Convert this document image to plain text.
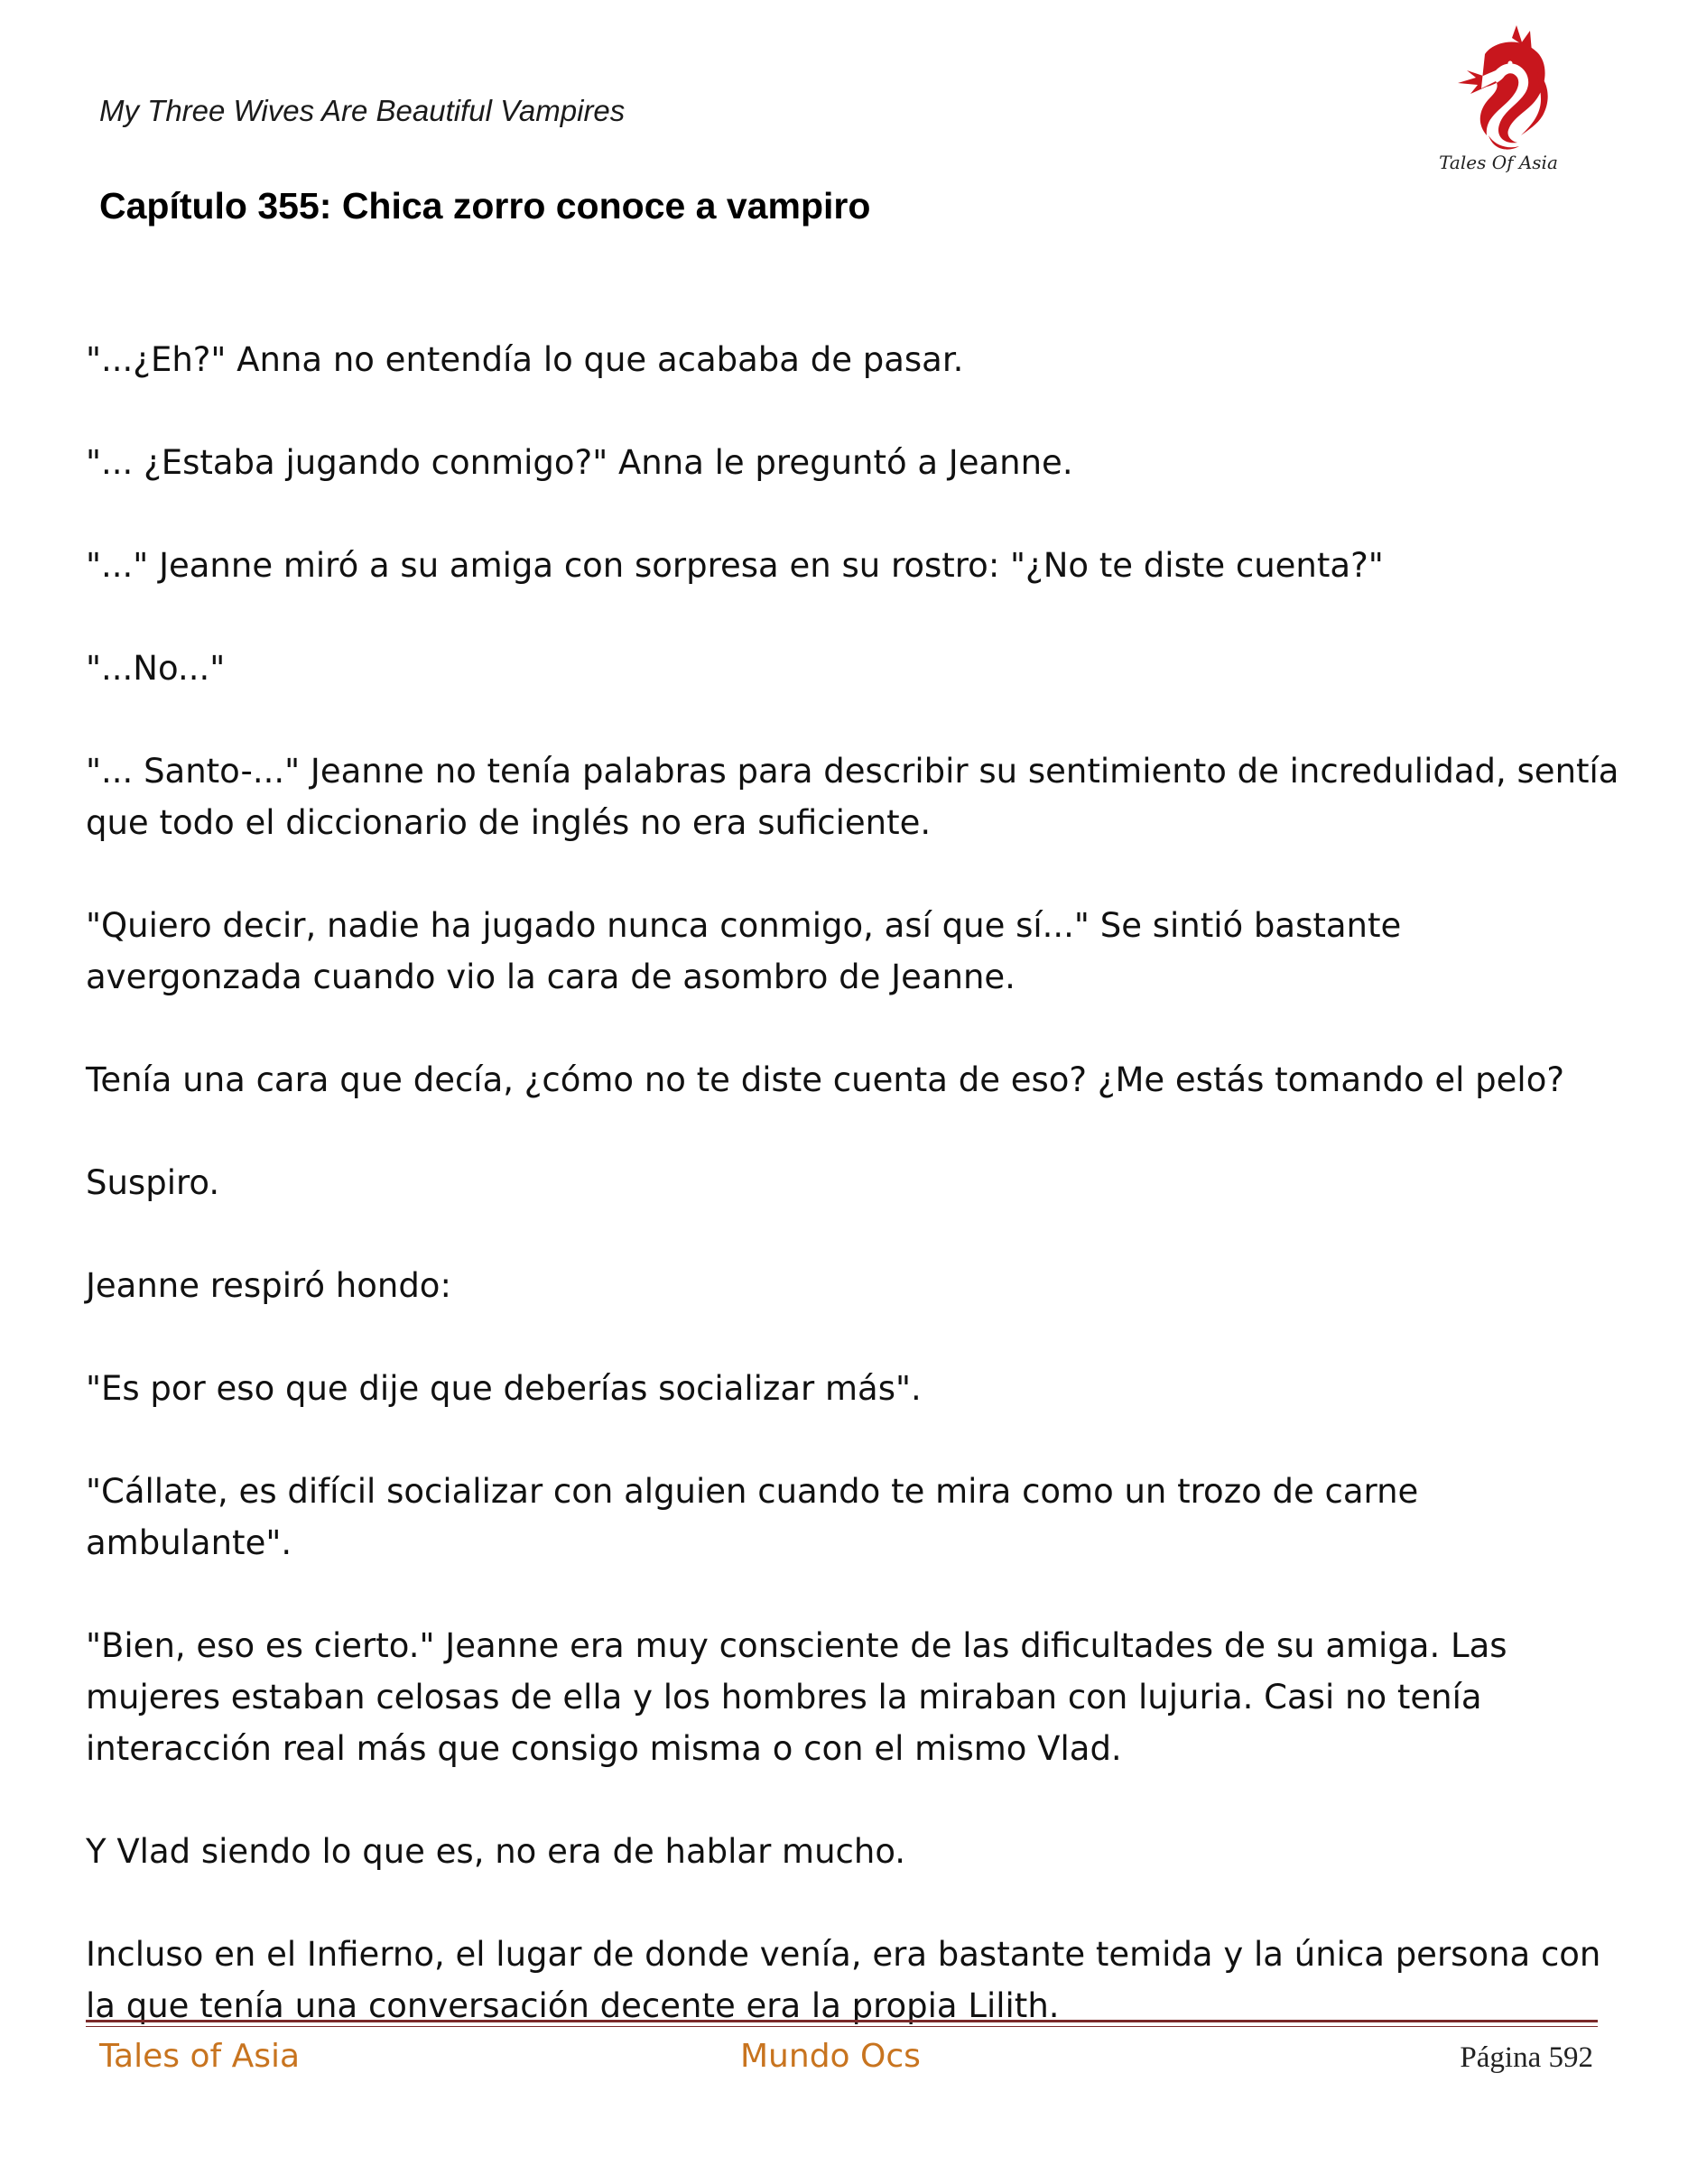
My Three Wives Are Beautiful Vampires
Tales Of Asia
Capítulo 355: Chica zorro conoce a vampiro

"...¿Eh?" Anna no entendía lo que acababa de pasar.

"... ¿Estaba jugando conmigo?" Anna le preguntó a Jeanne.

"..." Jeanne miró a su amiga con sorpresa en su rostro: "¿No te diste cuenta?"

"...No..."

"... Santo-..." Jeanne no tenía palabras para describir su sentimiento de incredulidad, sentía que todo el diccionario de inglés no era suficiente.

"Quiero decir, nadie ha jugado nunca conmigo, así que sí..." Se sintió bastante avergonzada cuando vio la cara de asombro de Jeanne.

Tenía una cara que decía, ¿cómo no te diste cuenta de eso? ¿Me estás tomando el pelo?

Suspiro.

Jeanne respiró hondo:

"Es por eso que dije que deberías socializar más".

"Cállate, es difícil socializar con alguien cuando te mira como un trozo de carne ambulante".

"Bien, eso es cierto." Jeanne era muy consciente de las dificultades de su amiga. Las mujeres estaban celosas de ella y los hombres la miraban con lujuria. Casi no tenía interacción real más que consigo misma o con el mismo Vlad.

Y Vlad siendo lo que es, no era de hablar mucho.

Incluso en el Infierno, el lugar de donde venía, era bastante temida y la única persona con la que tenía una conversación decente era la propia Lilith.

Tales of Asia	Mundo Ocs	Página 592
